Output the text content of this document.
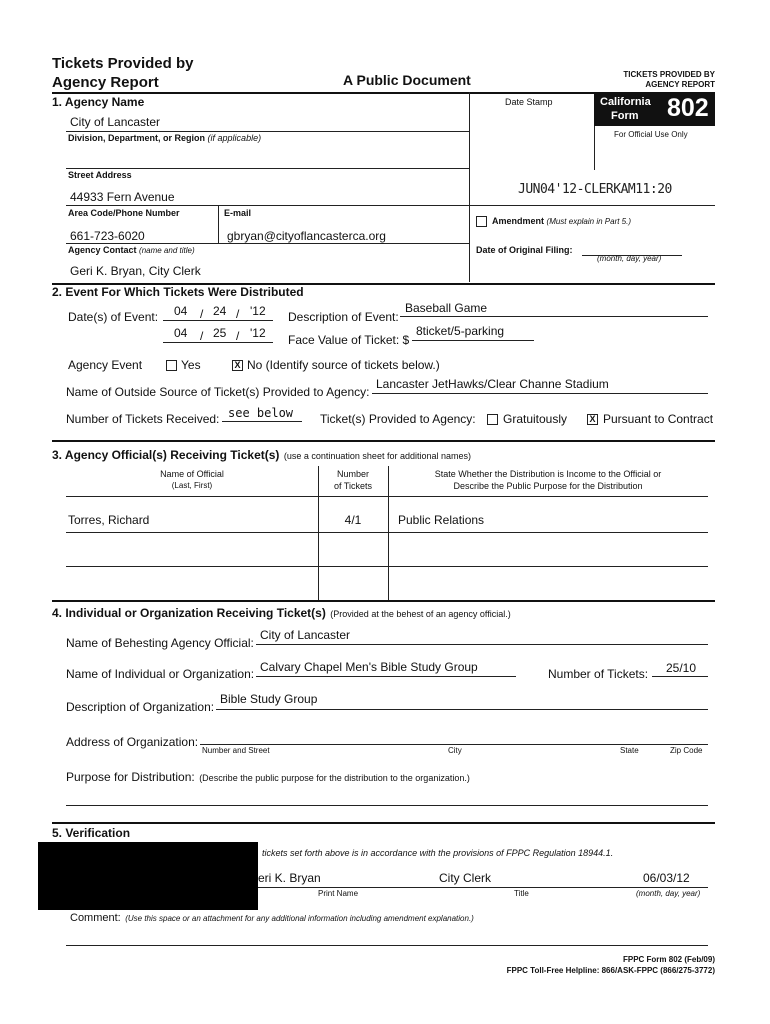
Tickets Provided by
Agency Report	A Public Document	TICKETS PROVIDED BY
AGENCY REPORT
1. Agency Name
City of Lancaster
Division, Department, or Region (if applicable)
Street Address
44933 Fern Avenue
Area Code/Phone Number	E-mail
661-723-6020	gbryan@cityoflancasterca.org
Agency Contact (name and title)
Geri K. Bryan, City Clerk
Date Stamp	California
Form 802
For Official Use Only
JUN04'12-CLERKAM11:20
Amendment (Must explain in Part 5.)
Date of Original Filing:
(month, day, year)
2. Event For Which Tickets Were Distributed
Date(s) of Event: 04 / 24 / '12
04 / 25 / '12
Description of Event:
Baseball Game
Face Value of Ticket: $
8ticket/5-parking
Agency Event	Yes	X No (Identify source of tickets below.)
Name of Outside Source of Ticket(s) Provided to Agency:
Lancaster JetHawks/Clear Channe Stadium
Number of Tickets Received: see below Ticket(s) Provided to Agency: Gratuitously X Pursuant to Contract
3. Agency Official(s) Receiving Ticket(s) (use a continuation sheet for additional names)
Name of Official
(Last, First)
Number
of Tickets
State Whether the Distribution is Income to the Official or
Describe the Public Purpose for the Distribution
Torres, Richard	4/1	Public Relations
4. Individual or Organization Receiving Ticket(s) (Provided at the behest of an agency official.)
Name of Behesting Agency Official:
City of Lancaster
Name of Individual or Organization: Calvary Chapel Men's Bible Study Group	Number of Tickets: 25/10
Description of Organization:
Bible Study Group
Address of Organization:
Number and Street	City	State	Zip Code
Purpose for Distribution: (Describe the public purpose for the distribution to the organization.)
5. Verification
tickets set forth above is in accordance with the provisions of FPPC Regulation 18944.1.
eri K. Bryan	City Clerk	06/03/12
Print Name	Title	(month, day, year)
Comment: (Use this space or an attachment for any additional information including amendment explanation.)
FPPC Form 802 (Feb/09)
FPPC Toll-Free Helpline: 866/ASK-FPPC (866/275-3772)
